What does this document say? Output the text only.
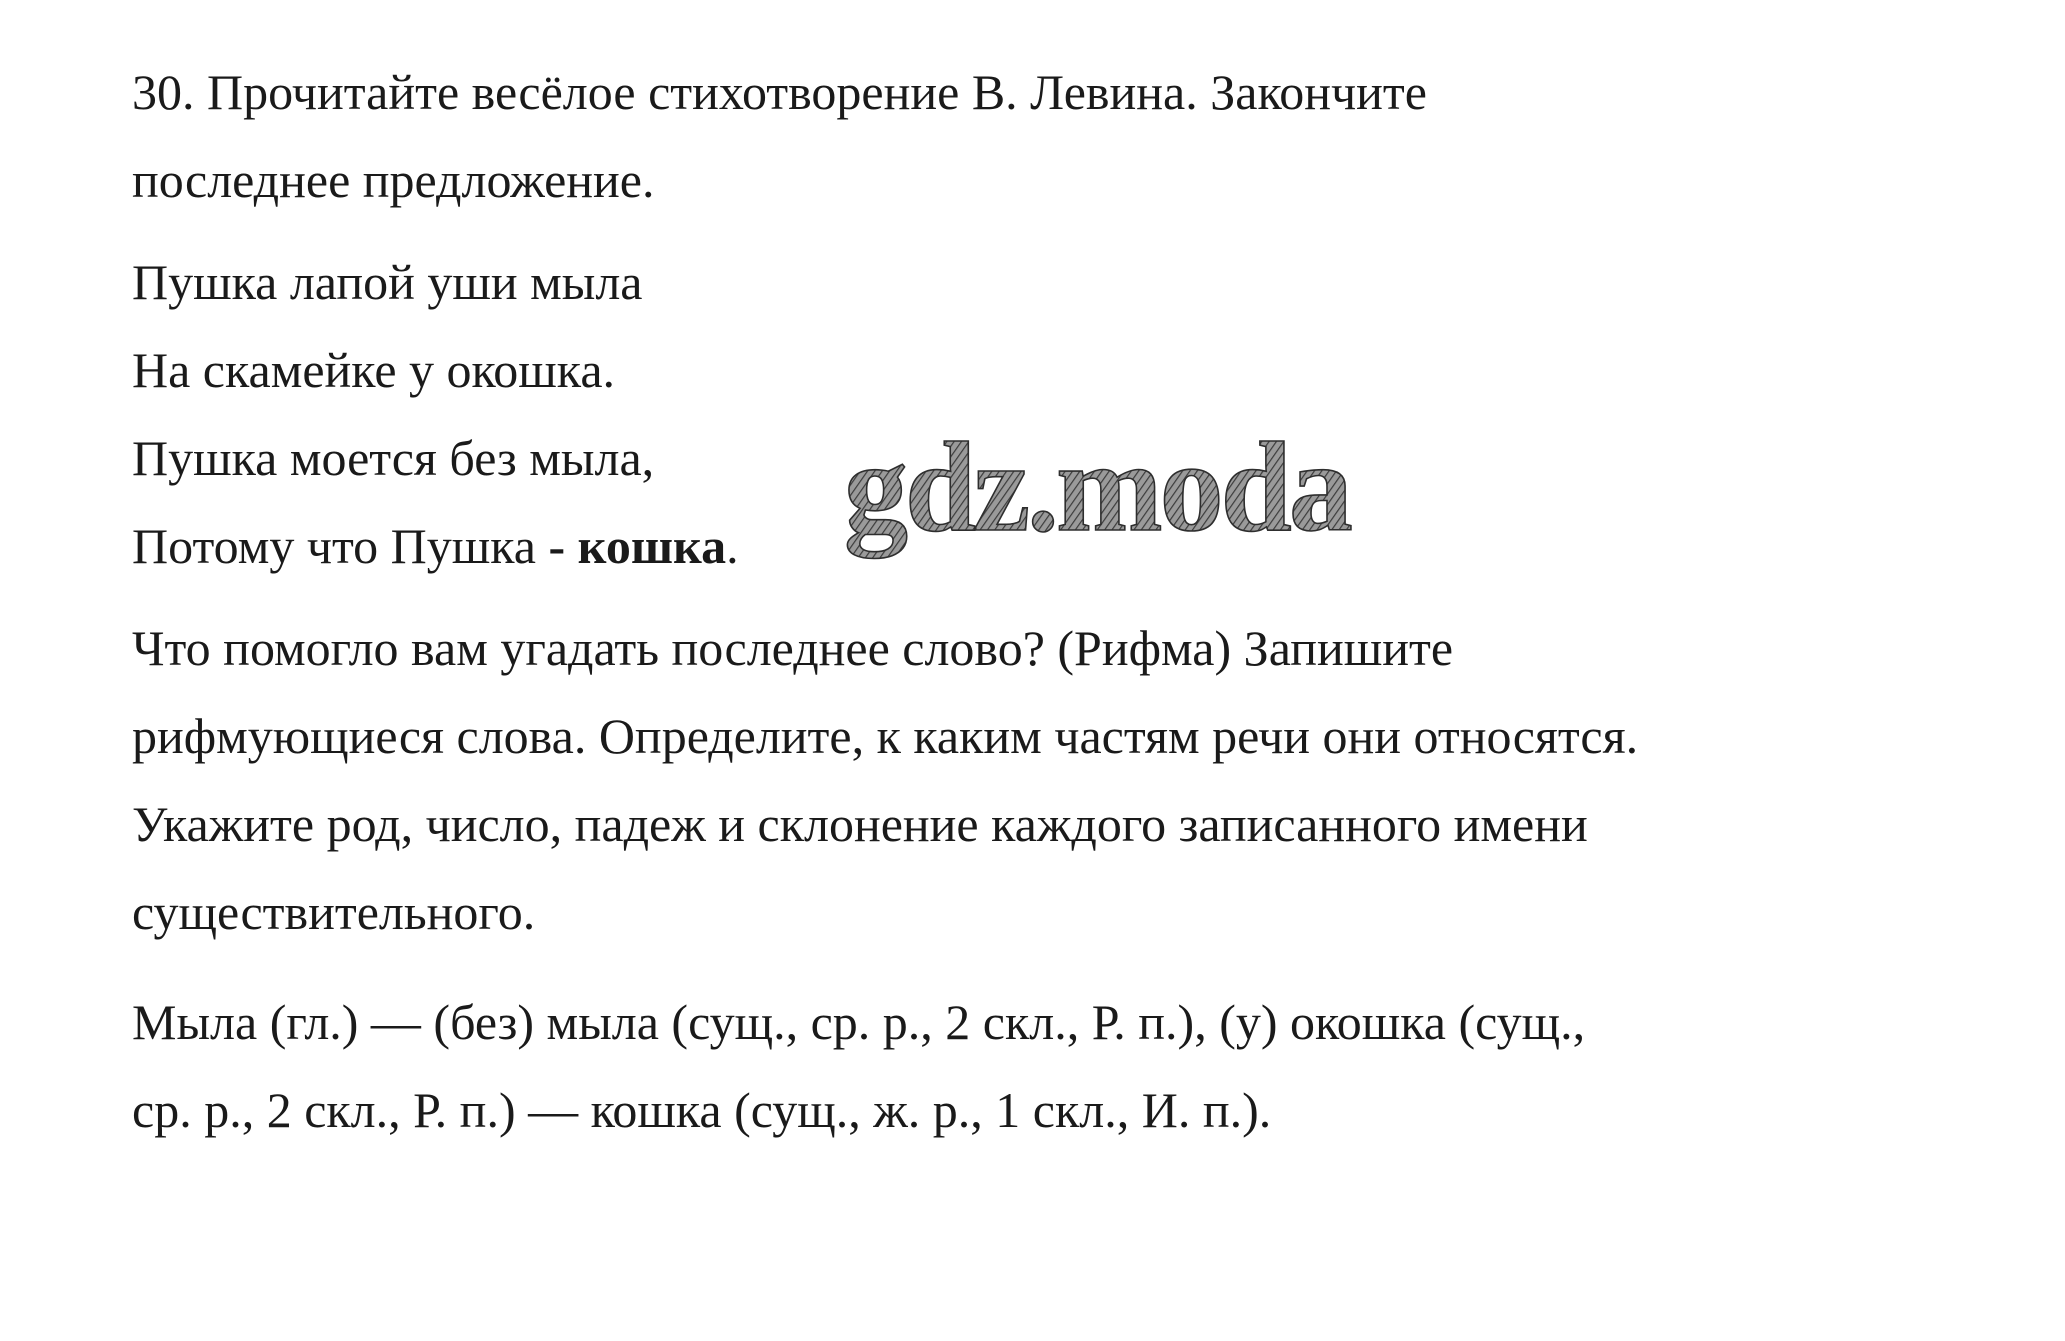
30. Прочитайте весёлое стихотворение В. Левина. Закончите
последнее предложение.
Пушка лапой уши мыла
На скамейке у окошка.
Пушка моется без мыла,
Потому что Пушка - кошка.
Что помогло вам угадать последнее слово? (Рифма) Запишите
рифмующиеся слова. Определите, к каким частям речи они относятся.
Укажите род, число, падеж и склонение каждого записанного имени
существительного.
Мыла (гл.) — (без) мыла (сущ., ср. р., 2 скл., Р. п.), (у) окошка (сущ.,
ср. р., 2 скл., Р. п.) — кошка (сущ., ж. р., 1 скл., И. п.).
gdz.moda
